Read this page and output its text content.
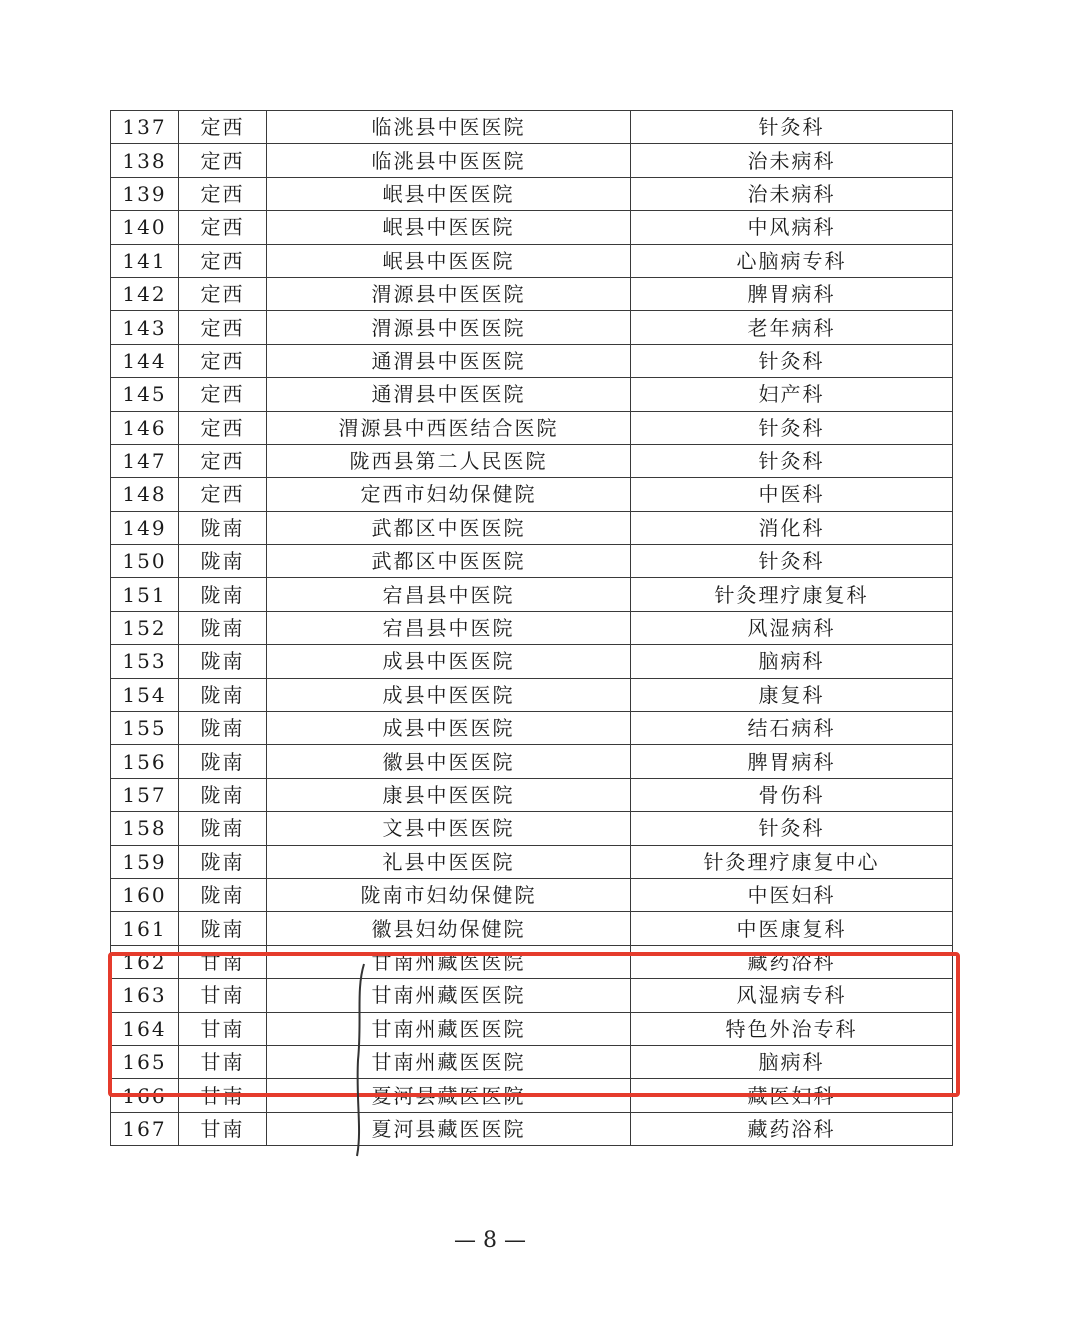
137	定西	临洮县中医医院	针灸科
138	定西	临洮县中医医院	治未病科
139	定西	岷县中医医院	治未病科
140	定西	岷县中医医院	中风病科
141	定西	岷县中医医院	心脑病专科
142	定西	渭源县中医医院	脾胃病科
143	定西	渭源县中医医院	老年病科
144	定西	通渭县中医医院	针灸科
145	定西	通渭县中医医院	妇产科
146	定西	渭源县中西医结合医院	针灸科
147	定西	陇西县第二人民医院	针灸科
148	定西	定西市妇幼保健院	中医科
149	陇南	武都区中医医院	消化科
150	陇南	武都区中医医院	针灸科
151	陇南	宕昌县中医院	针灸理疗康复科
152	陇南	宕昌县中医院	风湿病科
153	陇南	成县中医医院	脑病科
154	陇南	成县中医医院	康复科
155	陇南	成县中医医院	结石病科
156	陇南	徽县中医医院	脾胃病科
157	陇南	康县中医医院	骨伤科
158	陇南	文县中医医院	针灸科
159	陇南	礼县中医医院	针灸理疗康复中心
160	陇南	陇南市妇幼保健院	中医妇科
161	陇南	徽县妇幼保健院	中医康复科
162	甘南	甘南州藏医医院	藏药浴科
163	甘南	甘南州藏医医院	风湿病专科
164	甘南	甘南州藏医医院	特色外治专科
165	甘南	甘南州藏医医院	脑病科
166	甘南	夏河县藏医医院	藏医妇科
167	甘南	夏河县藏医医院	藏药浴科
— 8 —
